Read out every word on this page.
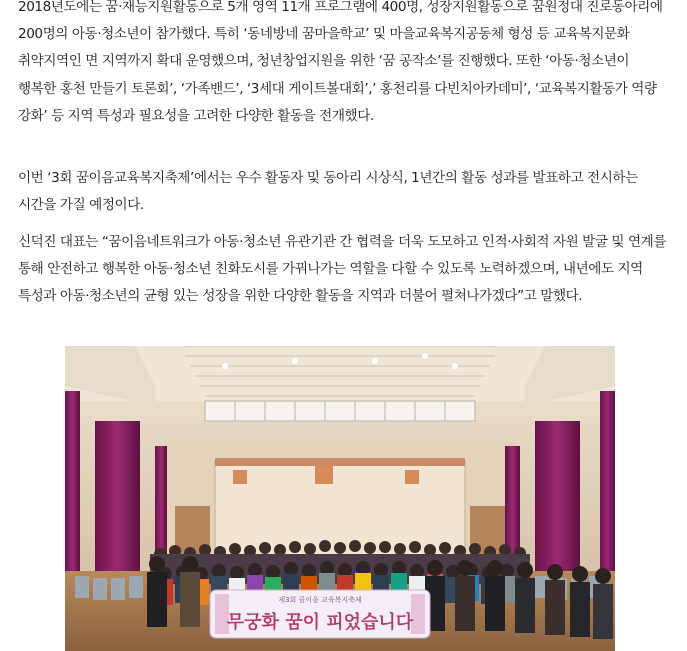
2018년도에는 꿈·재능지원활동으로 5개 영역 11개 프로그램에 400명, 성장지원활동으로 꿈원정대 진로동아리에 200명의 아동·청소년이 참가했다. 특히 ‘동네방네 꿈마을학교’ 및 마을교육복지공동체 형성 등 교육복지문화 취약지역인 면 지역까지 확대 운영했으며, 청년창업지원을 위한 ‘꿈 공작소’를 진행했다. 또한 ‘아동·청소년이 행복한 홍천 만들기 토론회’, ‘가족밴드’, ‘3세대 게이트볼대회’,’ 홍천리를 다빈치아카데미’, ‘교육복지활동가 역량 강화’ 등 지역 특성과 필요성을 고려한 다양한 활동을 전개했다.

이번 ‘3회 꿈이음교육복지축제’에서는 우수 활동자 및 동아리 시상식, 1년간의 활동 성과를 발표하고 전시하는 시간을 가질 예정이다.

신덕진 대표는 “꿈이음네트워크가 아동·청소년 유관기관 간 협력을 더욱 도모하고 인적·사회적 자원 발굴 및 연계를 통해 안전하고 행복한 아동·청소년 친화도시를 가꿔나가는 역할을 다할 수 있도록 노력하겠으며, 내년에도 지역 특성과 아동·청소년의 균형 있는 성장을 위한 다양한 활동을 지역과 더불어 펼쳐나가겠다”고 말했다.

제3회 꿈이음 교육복지축제
무궁화 꿈이 피었습니다
